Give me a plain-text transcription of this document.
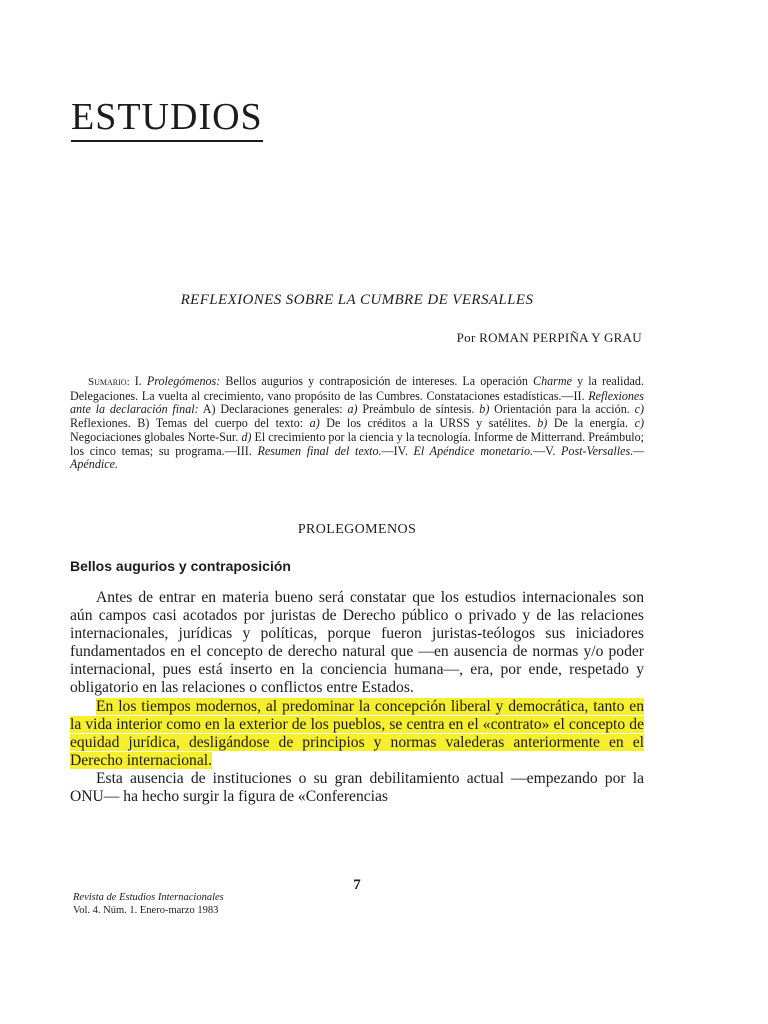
ESTUDIOS
REFLEXIONES SOBRE LA CUMBRE DE VERSALLES

Por ROMAN PERPIÑA Y GRAU

Sumario: I. Prolegómenos: Bellos augurios y contraposición de intereses. La operación Charme y la realidad. Delegaciones. La vuelta al crecimiento, vano propósito de las Cumbres. Constataciones estadísticas.—II. Reflexiones ante la declaración final: A) Declaraciones generales: a) Preámbulo de síntesis. b) Orientación para la acción. c) Reflexiones. B) Temas del cuerpo del texto: a) De los créditos a la URSS y satélites. b) De la energía. c) Negociaciones globales Norte-Sur. d) El crecimiento por la ciencia y la tecnología. Informe de Mitterrand. Preámbulo; los cinco temas; su programa.—III. Resumen final del texto.—IV. El Apéndice monetario.—V. Post-Versalles.—Apéndice.

PROLEGOMENOS
Bellos augurios y contraposición

Antes de entrar en materia bueno será constatar que los estudios internacionales son aún campos casi acotados por juristas de Derecho público o privado y de las relaciones internacionales, jurídicas y políticas, porque fueron juristas-teólogos sus iniciadores fundamentados en el concepto de derecho natural que —en ausencia de normas y/o poder internacional, pues está inserto en la conciencia humana—, era, por ende, respetado y obligatorio en las relaciones o conflictos entre Estados.

En los tiempos modernos, al predominar la concepción liberal y democrática, tanto en la vida interior como en la exterior de los pueblos, se centra en el «contrato» el concepto de equidad jurídica, desligándose de principios y normas valederas anteriormente en el Derecho internacional.

Esta ausencia de instituciones o su gran debilitamiento actual —empezando por la ONU— ha hecho surgir la figura de «Conferencias

7

Revista de Estudios Internacionales
Vol. 4. Núm. 1. Enero-marzo 1983
